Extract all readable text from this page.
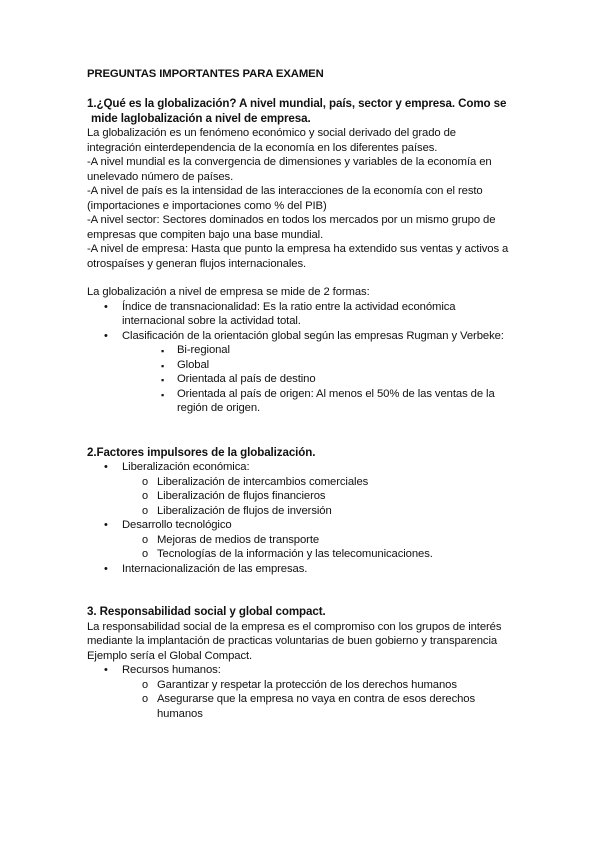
PREGUNTAS IMPORTANTES PARA EXAMEN

1.¿Qué es la globalización? A nivel mundial, país, sector y empresa. Como se

mide laglobalización a nivel de empresa.

La globalización es un fenómeno económico y social derivado del grado de

integración einterdependencia de la economía en los diferentes países.

-A nivel mundial es la convergencia de dimensiones y variables de la economía en

unelevado número de países.

-A nivel de país es la intensidad de las interacciones de la economía con el resto

(importaciones e importaciones como % del PIB)

-A nivel sector: Sectores dominados en todos los mercados por un mismo grupo de

empresas que compiten bajo una base mundial.

-A nivel de empresa: Hasta que punto la empresa ha extendido sus ventas y activos a

otrospaíses y generan flujos internacionales.

La globalización a nivel de empresa se mide de 2 formas:

• Índice de transnacionalidad: Es la ratio entre la actividad económica internacional sobre la actividad total.
• Clasificación de la orientación global según las empresas Rugman y Verbeke:
▪ Bi-regional
▪ Global
▪ Orientada al país de destino
▪ Orientada al país de origen: Al menos el 50% de las ventas de la región de origen.

2.Factores impulsores de la globalización.

• Liberalización económica:
o Liberalización de intercambios comerciales
o Liberalización de flujos financieros
o Liberalización de flujos de inversión
• Desarrollo tecnológico
o Mejoras de medios de transporte
o Tecnologías de la información y las telecomunicaciones.
• Internacionalización de las empresas.

3. Responsabilidad social y global compact.

La responsabilidad social de la empresa es el compromiso con los grupos de interés

mediante la implantación de practicas voluntarias de buen gobierno y transparencia

Ejemplo sería el Global Compact.

• Recursos humanos:
o Garantizar y respetar la protección de los derechos humanos
o Asegurarse que la empresa no vaya en contra de esos derechos humanos
